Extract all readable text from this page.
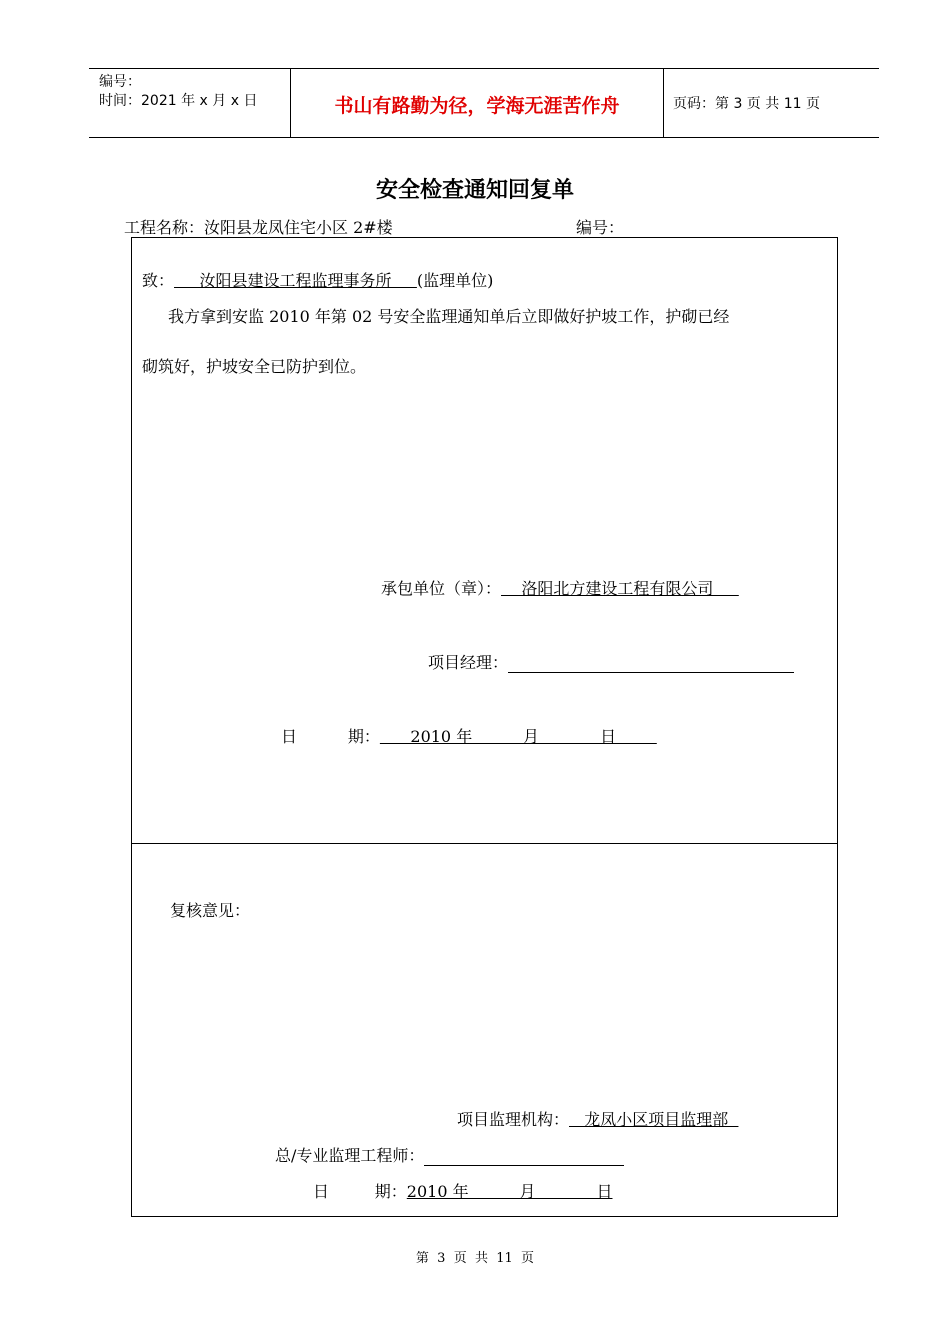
编号：
时间：2021 年 x 月 x 日	书山有路勤为径，学海无涯苦作舟	页码：第 3 页 共 11 页
安全检查通知回复单
工程名称：汝阳县龙凤住宅小区 2#楼	编号：
致：     汝阳县建设工程监理事务所     (监理单位)
我方拿到安监 2010 年第 02 号安全监理通知单后立即做好护坡工作，护砌已经
砌筑好，护坡安全已防护到位。
承包单位（章）：    洛阳北方建设工程有限公司
项目经理：
日          期：      2010 年          月            日
复核意见：
项目监理机构：   龙凤小区项目监理部
总/专业监理工程师：
日         期：2010 年          月            日
第  3  页  共  11  页
